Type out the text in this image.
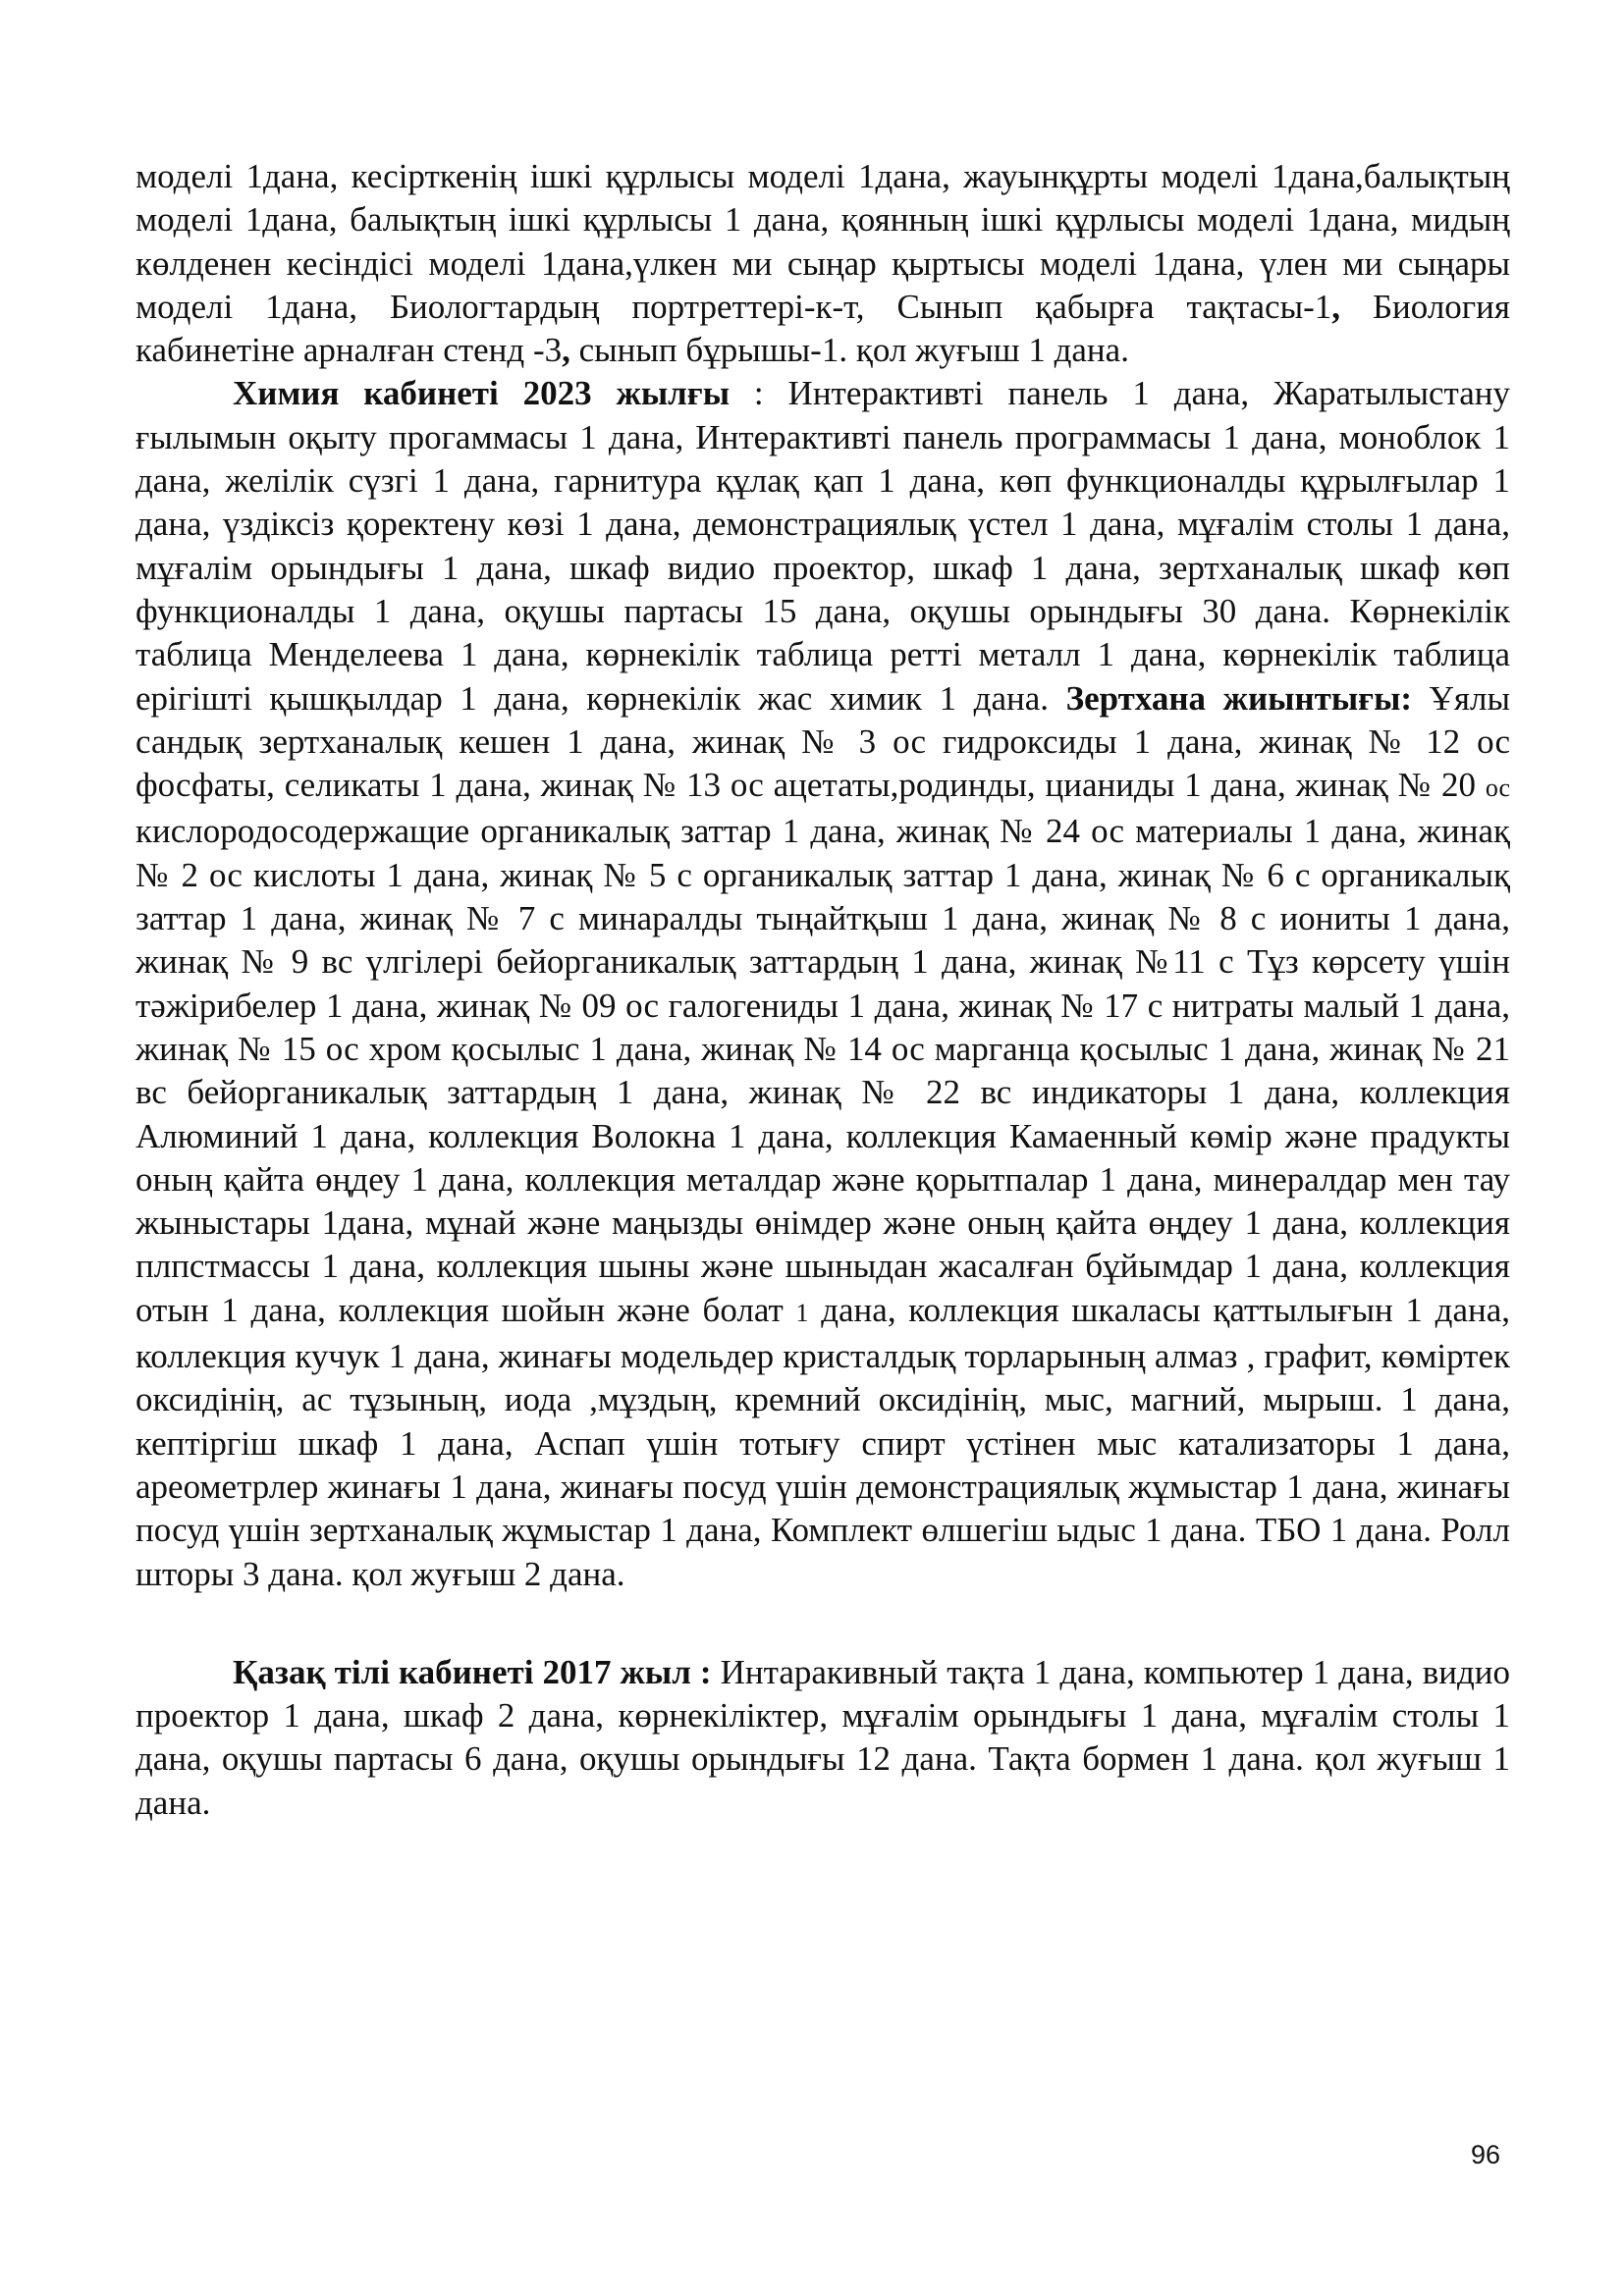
моделі 1дана, кесірткенің ішкі құрлысы моделі 1дана, жауынқұрты моделі 1дана,балықтың моделі 1дана, балықтың ішкі құрлысы 1 дана, қоянның ішкі құрлысы моделі 1дана, мидың көлденен кесіндісі моделі 1дана,үлкен ми сыңар қыртысы моделі 1дана, үлен ми сыңары моделі 1дана, Биологтардың портреттері-к-т, Сынып қабырға тақтасы-1, Биология кабинетіне арналған стенд -3, сынып бұрышы-1. қол жуғыш 1 дана.

Химия кабинеті 2023 жылғы : Интерактивті панель 1 дана, Жаратылыстану ғылымын оқыту прогаммасы 1 дана, Интерактивті панель программасы 1 дана, моноблок 1 дана, желілік сүзгі 1 дана, гарнитура құлақ қап 1 дана, көп функционалды құрылғылар 1 дана, үздіксіз қоректену көзі 1 дана, демонстрациялық үстел 1 дана, мұғалім столы 1 дана, мұғалім орындығы 1 дана, шкаф видио проектор, шкаф 1 дана, зертханалық шкаф көп функционалды 1 дана, оқушы партасы 15 дана, оқушы орындығы 30 дана. Көрнекілік таблица Менделеева 1 дана, көрнекілік таблица ретті металл 1 дана, көрнекілік таблица ерігішті қышқылдар 1 дана, көрнекілік жас химик 1 дана. Зертхана жиынтығы: Ұялы сандық зертханалық кешен 1 дана, жинақ № 3 ос гидроксиды 1 дана, жинақ № 12 ос фосфаты, селикаты 1 дана, жинақ № 13 ос ацетаты,родинды, цианиды 1 дана, жинақ № 20 ос кислородосодержащие органикалық заттар 1 дана, жинақ № 24 ос материалы 1 дана, жинақ № 2 ос кислоты 1 дана, жинақ № 5 с органикалық заттар 1 дана, жинақ № 6 с органикалық заттар 1 дана, жинақ № 7 с минаралды тыңайтқыш 1 дана, жинақ № 8 с иониты 1 дана, жинақ № 9 вс үлгілері бейорганикалық заттардың 1 дана, жинақ №11 с Тұз көрсету үшін тәжірибелер 1 дана, жинақ № 09 ос галогениды 1 дана, жинақ № 17 с нитраты малый 1 дана, жинақ № 15 ос хром қосылыс 1 дана, жинақ № 14 ос марганца қосылыс 1 дана, жинақ № 21 вс бейорганикалық заттардың 1 дана, жинақ № 22 вс индикаторы 1 дана, коллекция Алюминий 1 дана, коллекция Волокна 1 дана, коллекция Камаенный көмір және прадукты оның қайта өңдеу 1 дана, коллекция металдар және қорытпалар 1 дана, минералдар мен тау жыныстары 1дана, мұнай және маңызды өнімдер және оның қайта өңдеу 1 дана, коллекция плпстмассы 1 дана, коллекция шыны және шыныдан жасалған бұйымдар 1 дана, коллекция отын 1 дана, коллекция шойын және болат 1 дана, коллекция шкаласы қаттылығын 1 дана, коллекция кучук 1 дана, жинағы модельдер кристалдық торларының алмаз , графит, көміртек оксидінің, ас тұзының, иода ,мұздың, кремний оксидінің, мыс, магний, мырыш. 1 дана, кептіргіш шкаф 1 дана, Аспап үшін тотығу спирт үстінен мыс катализаторы 1 дана, ареометрлер жинағы 1 дана, жинағы посуд үшін демонстрациялық жұмыстар 1 дана, жинағы посуд үшін зертханалық жұмыстар 1 дана, Комплект өлшегіш ыдыс 1 дана. ТБО 1 дана. Ролл шторы 3 дана. қол жуғыш 2 дана.

Қазақ тілі кабинеті 2017 жыл : Интаракивный тақта 1 дана, компьютер 1 дана, видио проектор 1 дана, шкаф 2 дана, көрнекіліктер, мұғалім орындығы 1 дана, мұғалім столы 1 дана, оқушы партасы 6 дана, оқушы орындығы 12 дана. Тақта бормен 1 дана. қол жуғыш 1 дана.

96
